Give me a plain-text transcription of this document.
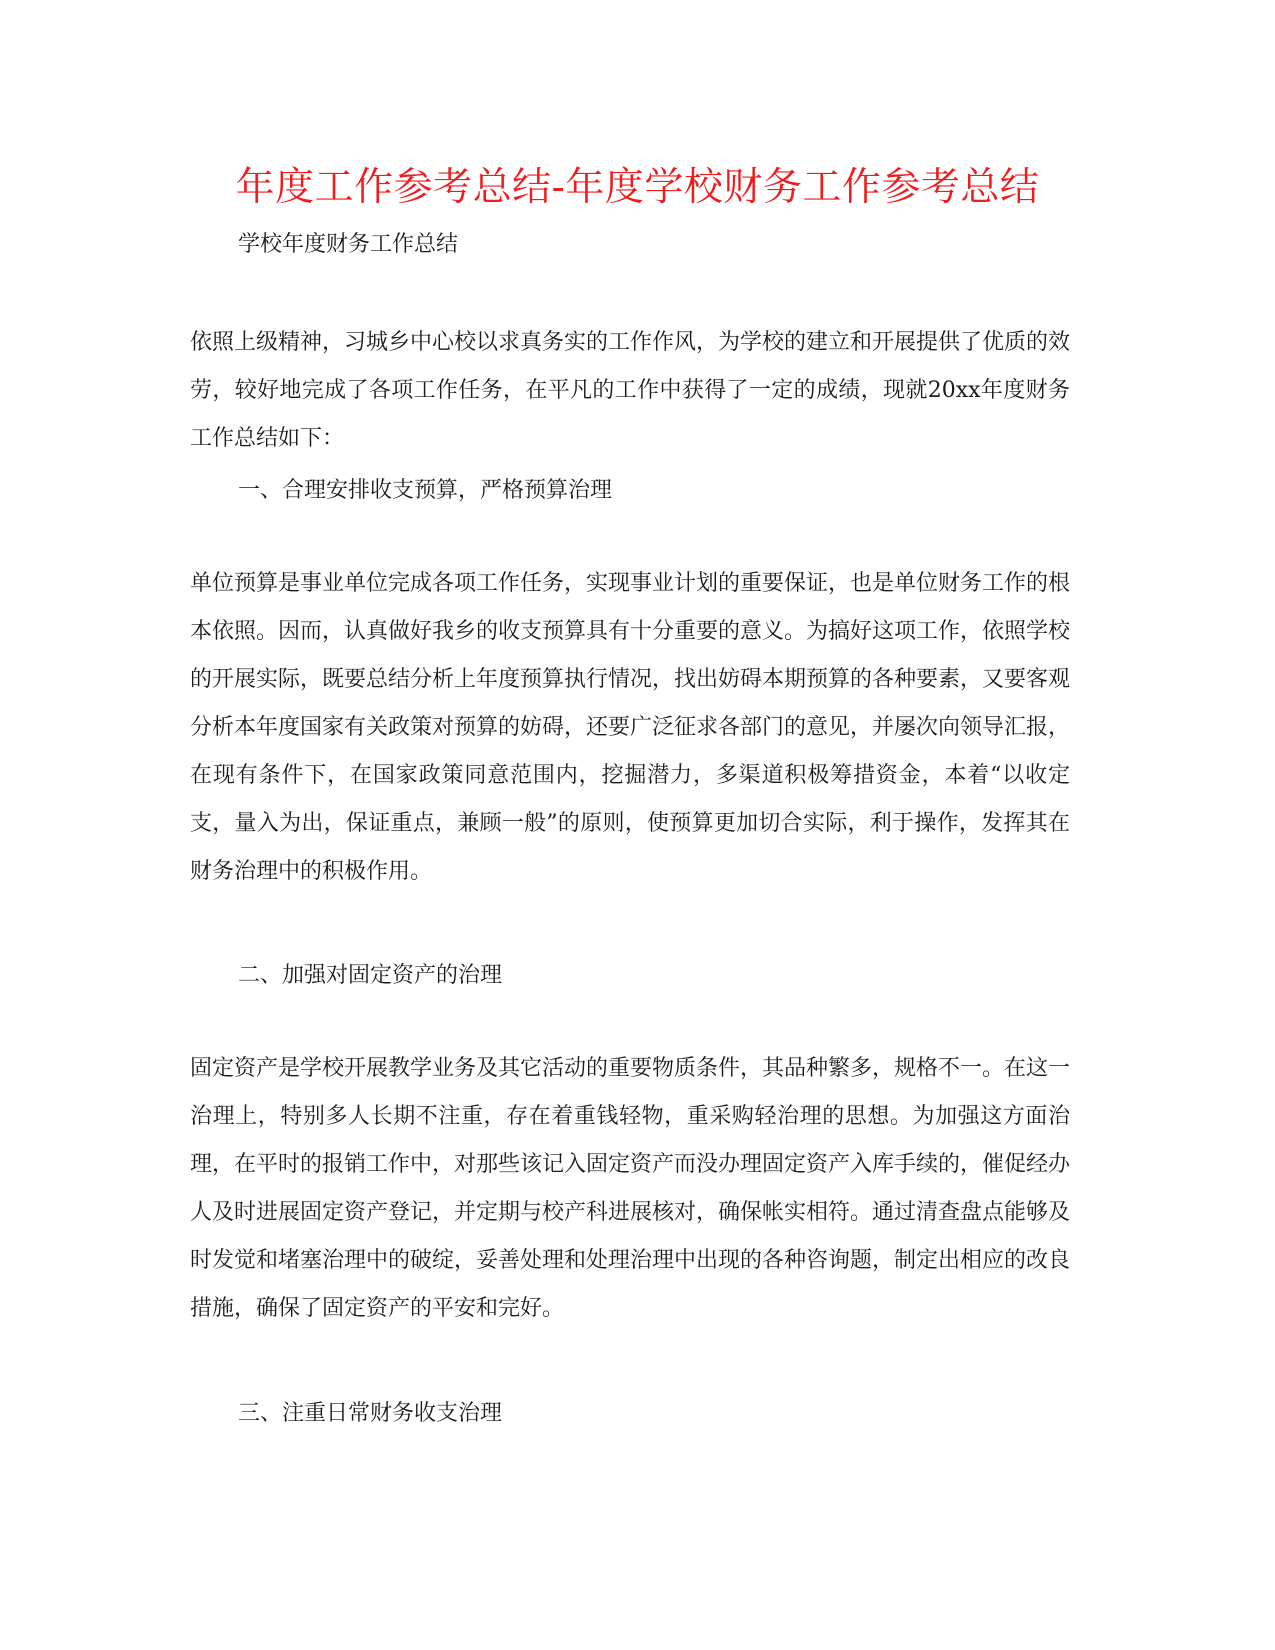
年度工作参考总结-年度学校财务工作参考总结
学校年度财务工作总结
依照上级精神，习城乡中心校以求真务实的工作作风，为学校的建立和开展提供了优质的效劳，较好地完成了各项工作任务，在平凡的工作中获得了一定的成绩，现就20xx年度财务工作总结如下：
一、合理安排收支预算，严格预算治理
单位预算是事业单位完成各项工作任务，实现事业计划的重要保证，也是单位财务工作的根本依照。因而，认真做好我乡的收支预算具有十分重要的意义。为搞好这项工作，依照学校的开展实际，既要总结分析上年度预算执行情况，找出妨碍本期预算的各种要素，又要客观分析本年度国家有关政策对预算的妨碍，还要广泛征求各部门的意见，并屡次向领导汇报，在现有条件下，在国家政策同意范围内，挖掘潜力，多渠道积极筹措资金，本着“以收定支，量入为出，保证重点，兼顾一般”的原则，使预算更加切合实际，利于操作，发挥其在财务治理中的积极作用。
二、加强对固定资产的治理
固定资产是学校开展教学业务及其它活动的重要物质条件，其品种繁多，规格不一。在这一治理上，特别多人长期不注重，存在着重钱轻物，重采购轻治理的思想。为加强这方面治理，在平时的报销工作中，对那些该记入固定资产而没办理固定资产入库手续的，催促经办人及时进展固定资产登记，并定期与校产科进展核对，确保帐实相符。通过清查盘点能够及时发觉和堵塞治理中的破绽，妥善处理和处理治理中出现的各种咨询题，制定出相应的改良措施，确保了固定资产的平安和完好。
三、注重日常财务收支治理
